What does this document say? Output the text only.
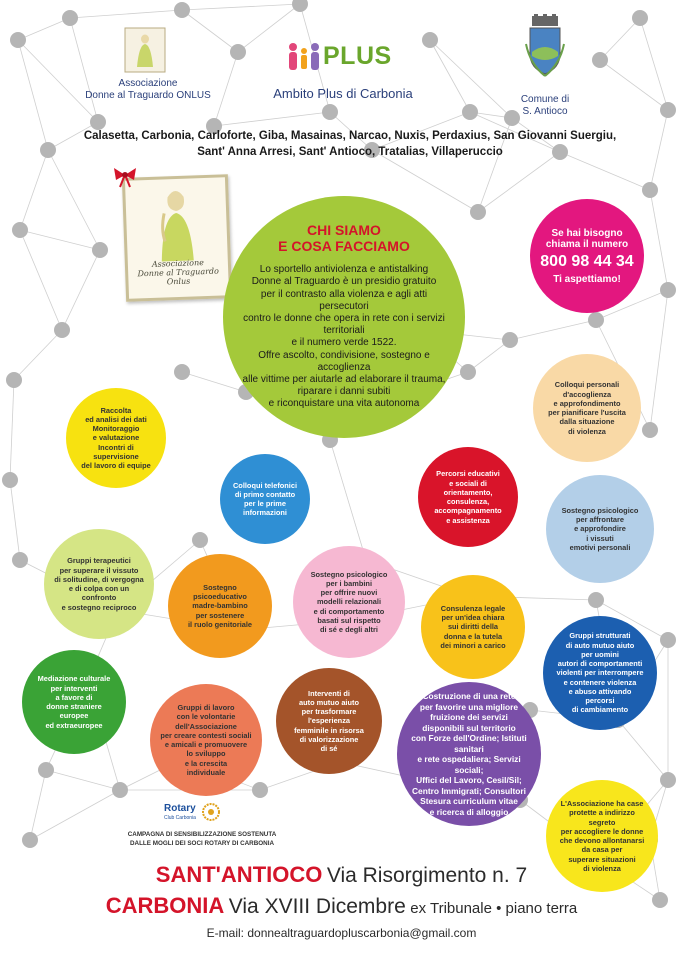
Associazione
Donne al Traguardo ONLUS
PLUS
Ambito Plus di Carbonia	Comune di
S. Antioco
Calasetta, Carbonia, Carloforte, Giba, Masainas, Narcao, Nuxis, Perdaxius, San Giovanni Suergiu,
Sant' Anna Arresi, Sant' Antioco, Tratalias, Villaperuccio
Associazione
Donne al Traguardo
Onlus
CHI SIAMO
E COSA FACCIAMO
Lo sportello antiviolenza e antistalking
Donne al Traguardo è un presidio gratuito
per il contrasto alla violenza e agli atti persecutori
contro le donne che opera in rete con i servizi territoriali
e il numero verde 1522.
Offre ascolto, condivisione, sostegno e accoglienza
alle vittime per aiutarle ad elaborare il trauma,
riparare i danni subiti
e riconquistare una vita autonoma
Se hai bisogno
chiama il numero
800 98 44 34
Ti aspettiamo!
Colloqui personali
d'accoglienza
e approfondimento
per pianificare l'uscita
dalla situazione
di violenza
Raccolta
ed analisi dei dati
Monitoraggio
e valutazione
Incontri di supervisione
del lavoro di equipe
Percorsi educativi
e sociali di orientamento,
consulenza,
accompagnamento
e assistenza
Colloqui telefonici
di primo contatto
per le prime
informazioni	Sostegno psicologico
per affrontare
e approfondire
i vissuti
emotivi personali
Gruppi terapeutici
per superare il vissuto
di solitudine, di vergogna
e di colpa con un
confronto
e sostegno reciproco
Sostegno
psicoeducativo
madre-bambino
per sostenere
il ruolo genitoriale
Sostegno psicologico
per i bambini
per offrire nuovi
modelli relazionali
e di comportamento
basati sul rispetto
di sé e degli altri
Consulenza legale
per un'idea chiara
sui diritti della
donna e la tutela
dei minori a carico
Gruppi strutturati
di auto mutuo aiuto
per uomini
autori di comportamenti
violenti per interrompere
e contenere violenza
e abuso attivando
percorsi
di cambiamento
Mediazione culturale
per interventi
a favore di
donne straniere
europee
ed extraeuropee
Gruppi di lavoro
con le volontarie
dell'Associazione
per creare contesti sociali
e amicali e promuovere
lo sviluppo
e la crescita
individuale
Interventi di
auto mutuo aiuto
per trasformare
l'esperienza
femminile in risorsa
di valorizzazione
di sé
Costruzione di una rete
per favorire una migliore
fruizione dei servizi
disponibili sul territorio
con Forze dell'Ordine; Istituti sanitari
e rete ospedaliera; Servizi sociali;
Uffici del Lavoro, Cesil/Sil;
Centro Immigrati; Consultori
Stesura curriculum vitae
e ricerca di alloggio
L'Associazione ha case
protette a indirizzo segreto
per accogliere le donne
che devono allontanarsi
da casa per
superare situazioni
di violenza
Rotary
Club Carbonia
CAMPAGNA DI SENSIBILIZZAZIONE SOSTENUTA
DALLE MOGLI DEI SOCI ROTARY DI CARBONIA
SANT'ANTIOCO Via Risorgimento n. 7
CARBONIA Via XVIII Dicembre ex Tribunale • piano terra
E-mail: donnealtraguardopluscarbonia@gmail.com
